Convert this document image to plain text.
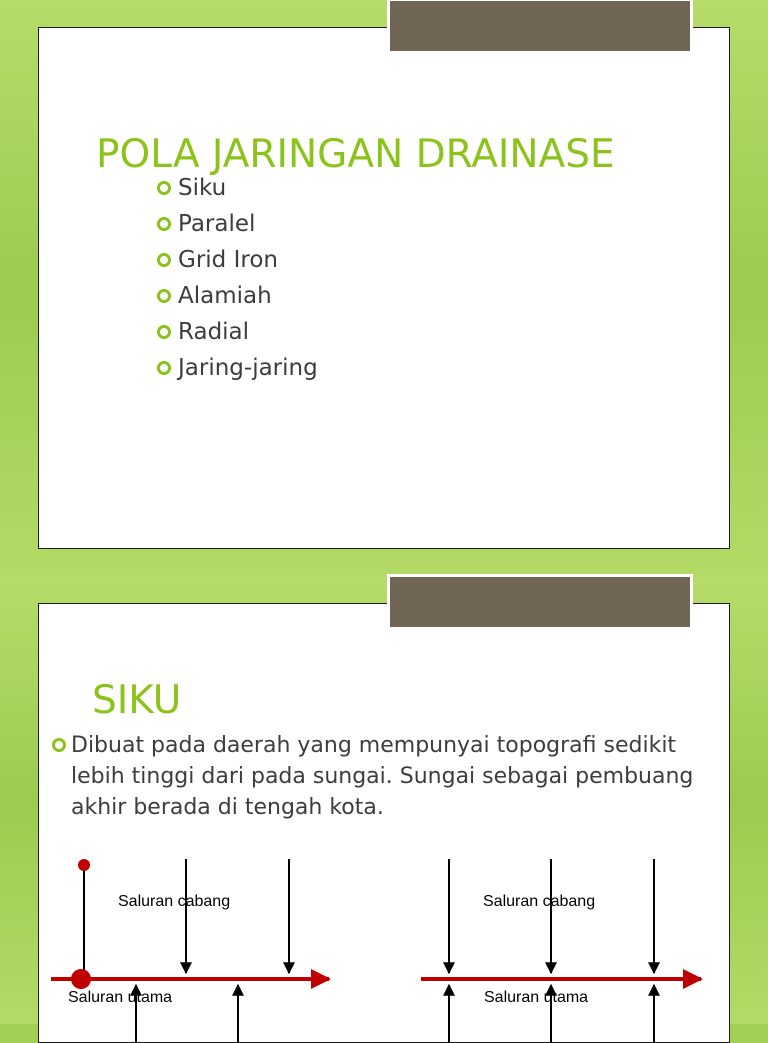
POLA JARINGAN DRAINASE
Siku
Paralel
Grid Iron
Alamiah
Radial
Jaring-jaring
SIKU

Dibuat pada daerah yang mempunyai topografi sedikit lebih tinggi dari pada sungai. Sungai sebagai pembuang akhir berada di tengah kota.

Saluran cabang
Saluran utama
Saluran cabang
Saluran utama
